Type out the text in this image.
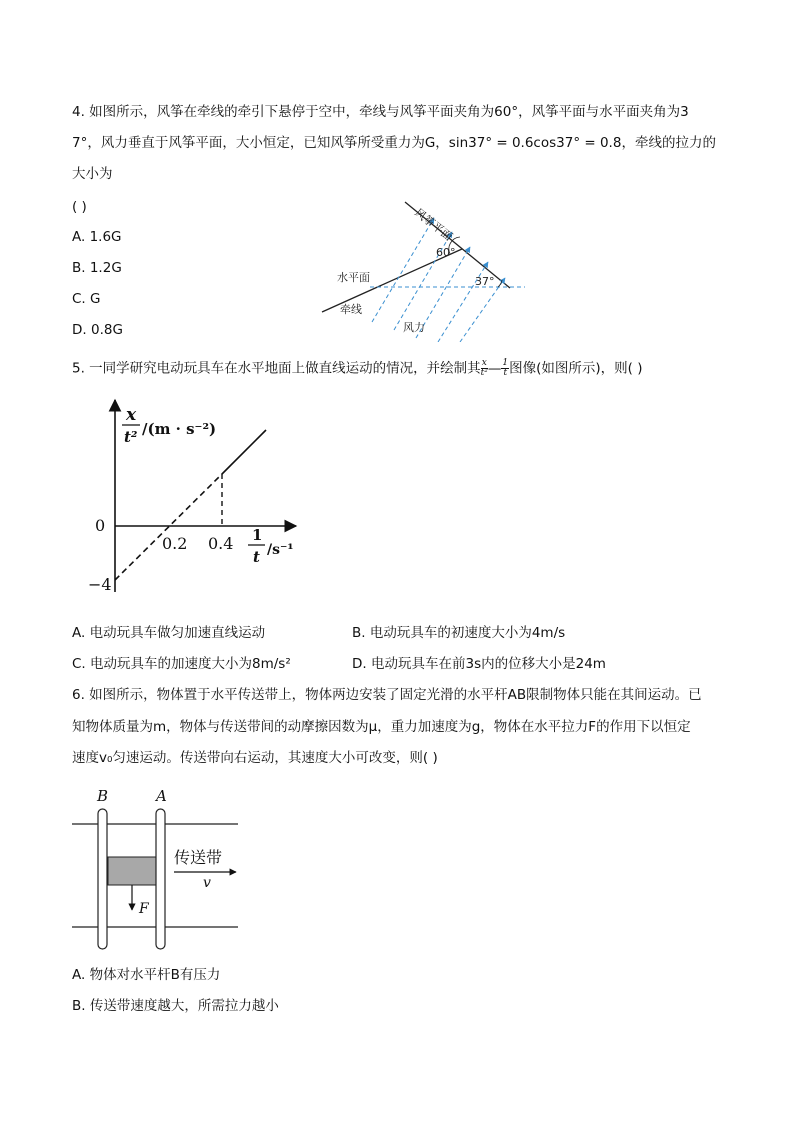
4. 如图所示，风筝在牵线的牵引下悬停于空中，牵线与风筝平面夹角为60°，风筝平面与水平面夹角为3
7°，风力垂直于风筝平面，大小恒定，已知风筝所受重力为G，sin37° = 0.6cos37° = 0.8，牵线的拉力的
大小为
( )
A. 1.6G
B. 1.2G
C. G
D. 0.8G
风筝平面
60°
水平面	37°
牵线
风力
5. 一同学研究电动玩具车在水平地面上做直线运动的情况，并绘制其 $\frac{x}{\text{t²}}$ — $\frac{1}{t}$ 图像(如图所示)，则( )
x
t² /(m · s⁻²)
0
0.2 0.4
−4
1
t /s⁻¹
A. 电动玩具车做匀加速直线运动	B. 电动玩具车的初速度大小为4m/s
C. 电动玩具车的加速度大小为8m/s²	D. 电动玩具车在前3s内的位移大小是24m
6. 如图所示，物体置于水平传送带上，物体两边安装了固定光滑的水平杆AB限制物体只能在其间运动。已
知物体质量为m，物体与传送带间的动摩擦因数为μ，重力加速度为g，物体在水平拉力F的作用下以恒定
速度v₀匀速运动。传送带向右运动，其速度大小可改变，则( )
B	A
传送带
v
F
A. 物体对水平杆B有压力
B. 传送带速度越大，所需拉力越小
